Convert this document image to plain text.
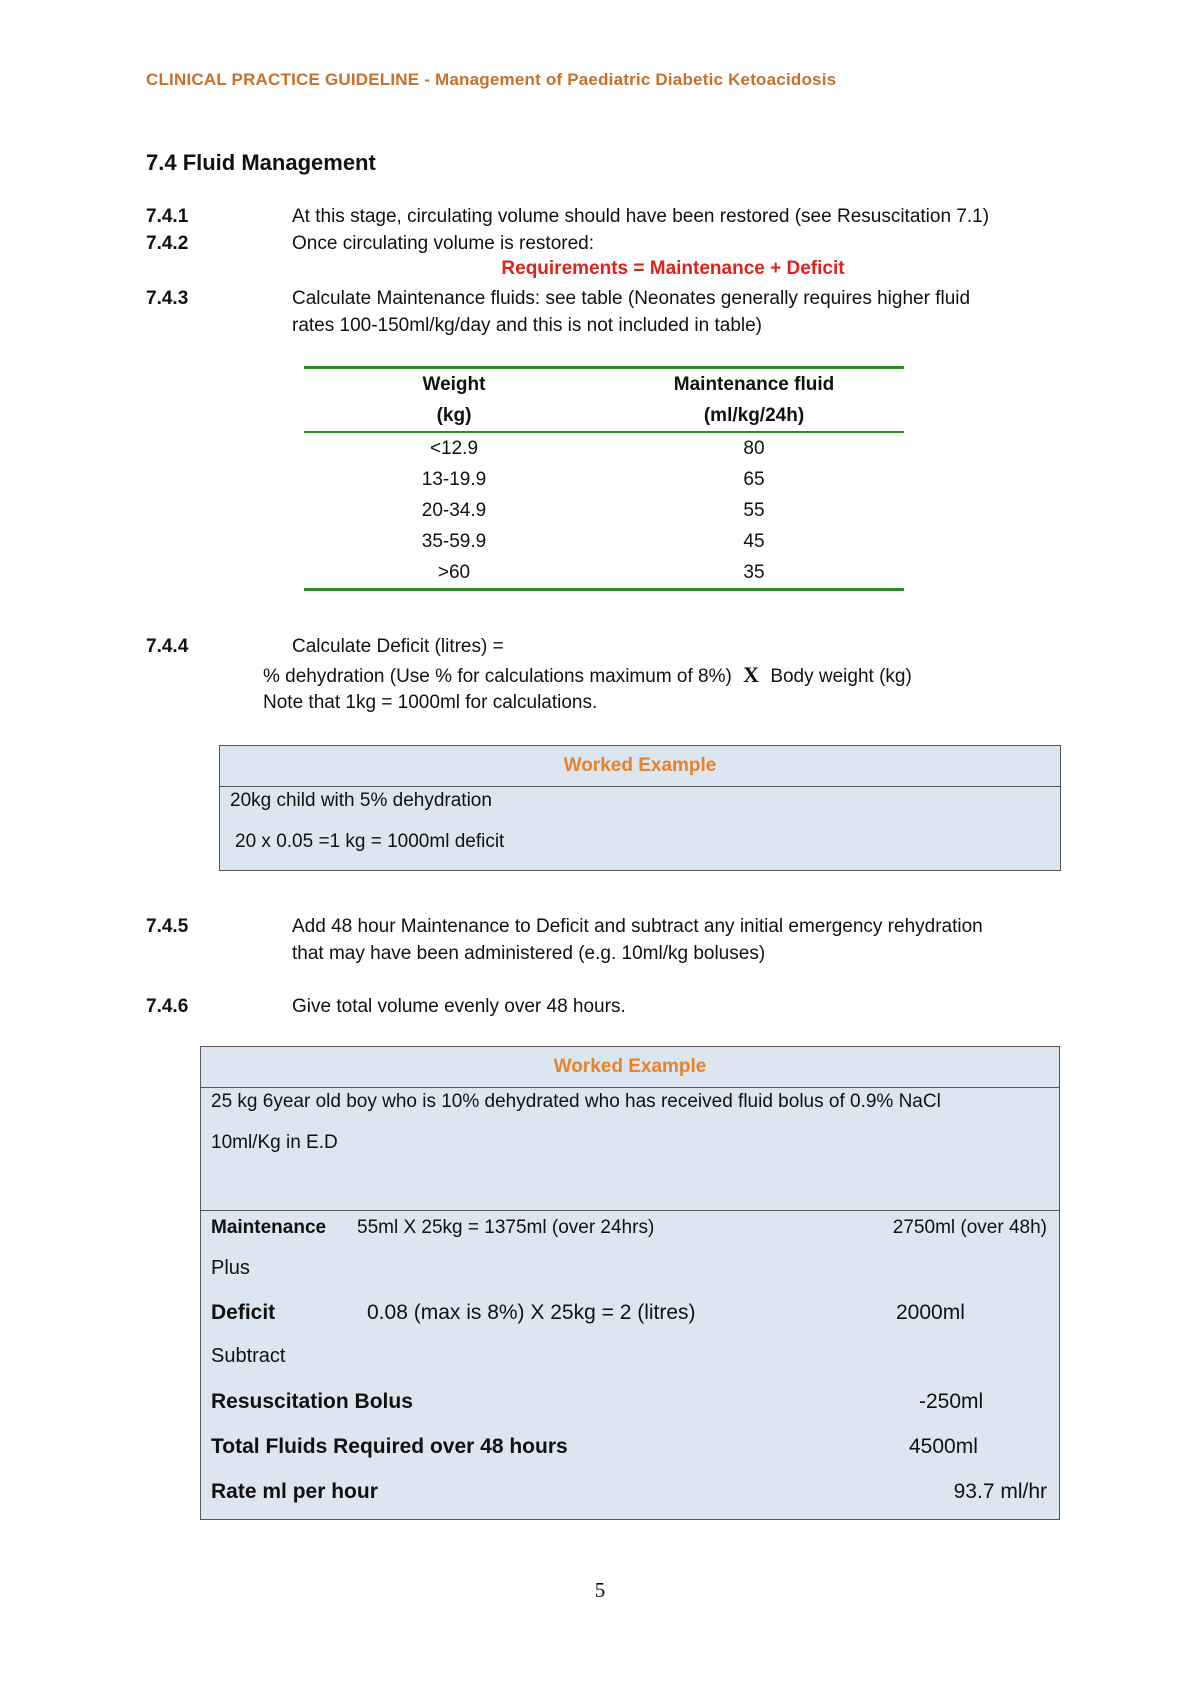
CLINICAL PRACTICE GUIDELINE - Management of Paediatric Diabetic Ketoacidosis
7.4 Fluid Management
7.4.1	At this stage, circulating volume should have been restored (see Resuscitation 7.1)
7.4.2	Once circulating volume is restored:
Requirements = Maintenance + Deficit
7.4.3	Calculate Maintenance fluids: see table (Neonates generally requires higher fluid
rates 100-150ml/kg/day and this is not included in table)
Weight	Maintenance fluid
(kg)	(ml/kg/24h)
<12.9	80
13-19.9	65
20-34.9	55
35-59.9	45
>60	35
7.4.4	Calculate Deficit (litres) =
% dehydration (Use % for calculations maximum of 8%) X Body weight (kg)
Note that 1kg = 1000ml for calculations.
Worked Example
20kg child with 5% dehydration
20 x 0.05 =1 kg = 1000ml deficit
7.4.5	Add 48 hour Maintenance to Deficit and subtract any initial emergency rehydration
that may have been administered (e.g. 10ml/kg boluses)
7.4.6	Give total volume evenly over 48 hours.
Worked Example
25 kg 6year old boy who is 10% dehydrated who has received fluid bolus of 0.9% NaCl
10ml/Kg in E.D
Maintenance 55ml X 25kg = 1375ml (over 24hrs)	2750ml (over 48h)
Plus
Deficit	0.08 (max is 8%) X 25kg = 2 (litres)	2000ml
Subtract
Resuscitation Bolus	-250ml
Total Fluids Required over 48 hours	4500ml
Rate ml per hour	93.7 ml/hr
5
